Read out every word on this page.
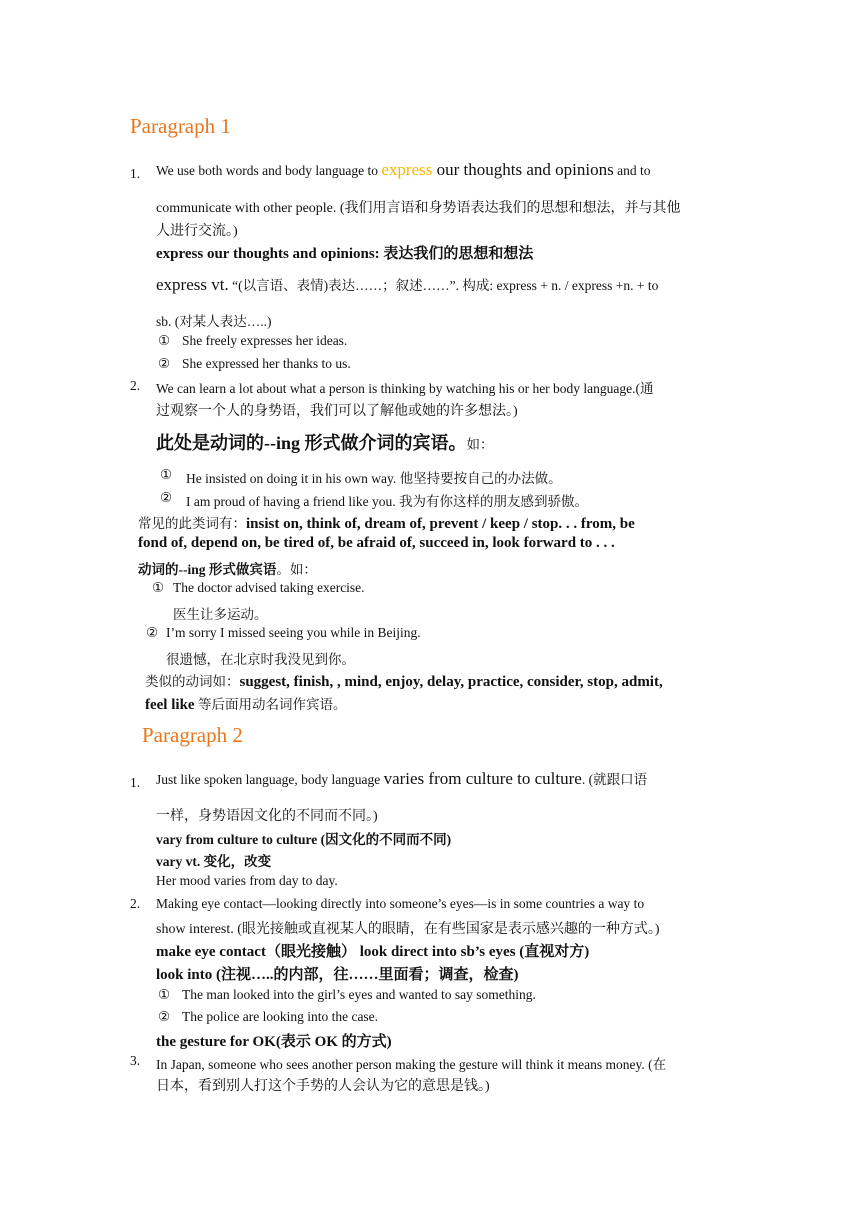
Paragraph 1
1. We use both words and body language to express our thoughts and opinions and to
communicate with other people. (我们用言语和身势语表达我们的思想和想法，并与其他
人进行交流。)
express our thoughts and opinions: 表达我们的思想和想法
express vt. “(以言语、表情)表达……；叙述……”. 构成: express + n. / express +n. + to
sb. (对某人表达…..)
① She freely expresses her ideas.
② She expressed her thanks to us.
2. We can learn a lot about what a person is thinking by watching his or her body language.(通
过观察一个人的身势语，我们可以了解他或她的许多想法。)
此处是动词的--ing 形式做介词的宾语。如：
① He insisted on doing it in his own way. 他坚持要按自己的办法做。
② I am proud of having a friend like you. 我为有你这样的朋友感到骄傲。
常见的此类词有：insist on, think of, dream of, prevent / keep / stop. . . from, be
fond of, depend on, be tired of, be afraid of, succeed in, look forward to . . .
动词的--ing 形式做宾语。如：
① The doctor advised taking exercise.
医生让多运动。
② I’m sorry I missed seeing you while in Beijing.
很遗憾，在北京时我没见到你。
类似的动词如：suggest, finish, , mind, enjoy, delay, practice, consider, stop, admit,
feel like 等后面用动名词作宾语。
Paragraph 2
1. Just like spoken language, body language varies from culture to culture. (就跟口语
一样，身势语因文化的不同而不同。)
vary from culture to culture (因文化的不同而不同)
vary vt. 变化，改变
Her mood varies from day to day.
2. Making eye contact—looking directly into someone’s eyes—is in some countries a way to
show interest. (眼光接触或直视某人的眼睛，在有些国家是表示感兴趣的一种方式。)
make eye contact（眼光接触） look direct into sb’s eyes (直视对方)
look into (注视…..的内部，往……里面看；调查，检查)
① The man looked into the girl’s eyes and wanted to say something.
② The police are looking into the case.
the gesture for OK(表示 OK 的方式)
3. In Japan, someone who sees another person making the gesture will think it means money. (在
日本，看到别人打这个手势的人会认为它的意思是钱。)
